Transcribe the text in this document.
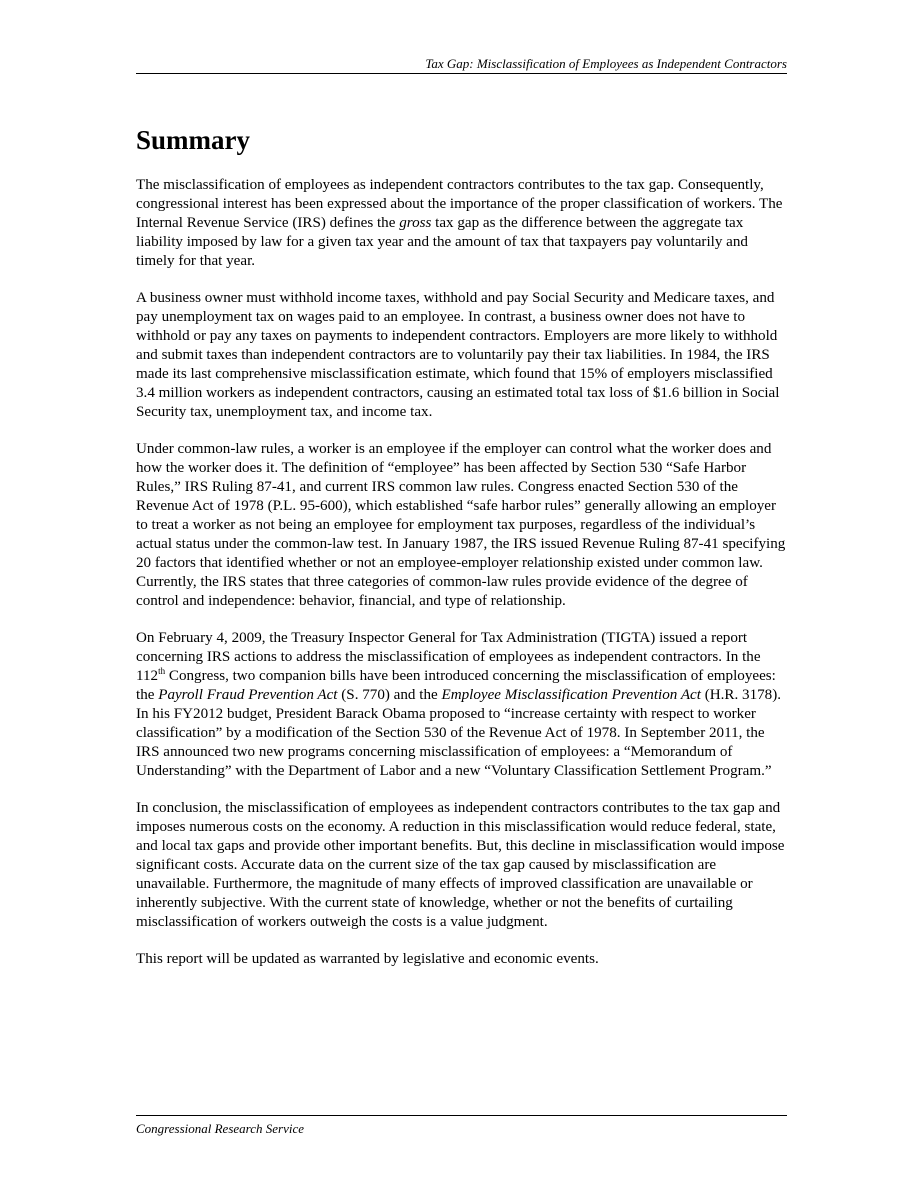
Tax Gap: Misclassification of Employees as Independent Contractors
Summary

The misclassification of employees as independent contractors contributes to the tax gap. Consequently, congressional interest has been expressed about the importance of the proper classification of workers. The Internal Revenue Service (IRS) defines the gross tax gap as the difference between the aggregate tax liability imposed by law for a given tax year and the amount of tax that taxpayers pay voluntarily and timely for that year.

A business owner must withhold income taxes, withhold and pay Social Security and Medicare taxes, and pay unemployment tax on wages paid to an employee. In contrast, a business owner does not have to withhold or pay any taxes on payments to independent contractors. Employers are more likely to withhold and submit taxes than independent contractors are to voluntarily pay their tax liabilities. In 1984, the IRS made its last comprehensive misclassification estimate, which found that 15% of employers misclassified 3.4 million workers as independent contractors, causing an estimated total tax loss of $1.6 billion in Social Security tax, unemployment tax, and income tax.

Under common-law rules, a worker is an employee if the employer can control what the worker does and how the worker does it. The definition of “employee” has been affected by Section 530 “Safe Harbor Rules,” IRS Ruling 87-41, and current IRS common law rules. Congress enacted Section 530 of the Revenue Act of 1978 (P.L. 95-600), which established “safe harbor rules” generally allowing an employer to treat a worker as not being an employee for employment tax purposes, regardless of the individual’s actual status under the common-law test. In January 1987, the IRS issued Revenue Ruling 87-41 specifying 20 factors that identified whether or not an employee-employer relationship existed under common law. Currently, the IRS states that three categories of common-law rules provide evidence of the degree of control and independence: behavior, financial, and type of relationship.

On February 4, 2009, the Treasury Inspector General for Tax Administration (TIGTA) issued a report concerning IRS actions to address the misclassification of employees as independent contractors. In the 112th Congress, two companion bills have been introduced concerning the misclassification of employees: the Payroll Fraud Prevention Act (S. 770) and the Employee Misclassification Prevention Act (H.R. 3178). In his FY2012 budget, President Barack Obama proposed to “increase certainty with respect to worker classification” by a modification of the Section 530 of the Revenue Act of 1978. In September 2011, the IRS announced two new programs concerning misclassification of employees: a “Memorandum of Understanding” with the Department of Labor and a new “Voluntary Classification Settlement Program.”

In conclusion, the misclassification of employees as independent contractors contributes to the tax gap and imposes numerous costs on the economy. A reduction in this misclassification would reduce federal, state, and local tax gaps and provide other important benefits. But, this decline in misclassification would impose significant costs. Accurate data on the current size of the tax gap caused by misclassification are unavailable. Furthermore, the magnitude of many effects of improved classification are unavailable or inherently subjective. With the current state of knowledge, whether or not the benefits of curtailing misclassification of workers outweigh the costs is a value judgment.

This report will be updated as warranted by legislative and economic events.

Congressional Research Service
